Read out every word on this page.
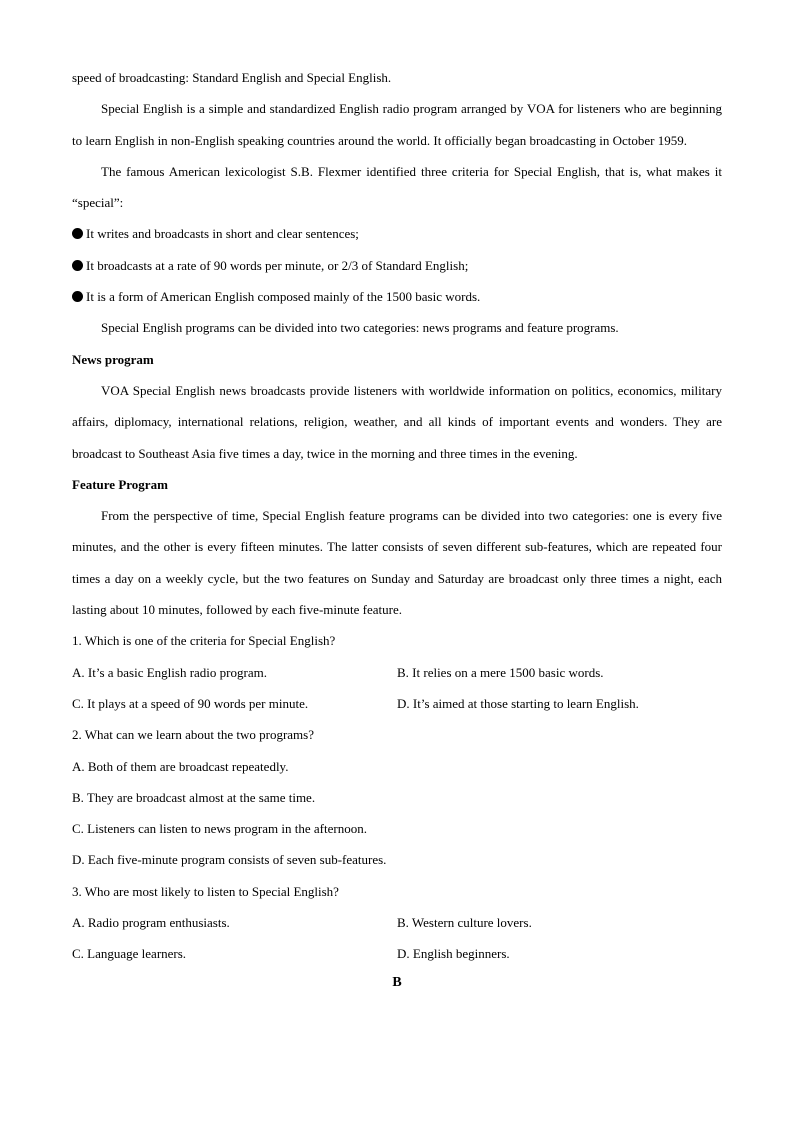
speed of broadcasting: Standard English and Special English.
Special English is a simple and standardized English radio program arranged by VOA for listeners who are beginning to learn English in non-English speaking countries around the world. It officially began broadcasting in October 1959.
The famous American lexicologist S.B. Flexmer identified three criteria for Special English, that is, what makes it “special”:
It writes and broadcasts in short and clear sentences;
It broadcasts at a rate of 90 words per minute, or 2/3 of Standard English;
It is a form of American English composed mainly of the 1500 basic words.
Special English programs can be divided into two categories: news programs and feature programs.
News program
VOA Special English news broadcasts provide listeners with worldwide information on politics, economics, military affairs, diplomacy, international relations, religion, weather, and all kinds of important events and wonders. They are broadcast to Southeast Asia five times a day, twice in the morning and three times in the evening.
Feature Program
From the perspective of time, Special English feature programs can be divided into two categories: one is every five minutes, and the other is every fifteen minutes. The latter consists of seven different sub-features, which are repeated four times a day on a weekly cycle, but the two features on Sunday and Saturday are broadcast only three times a night, each lasting about 10 minutes, followed by each five-minute feature.
1. Which is one of the criteria for Special English?
A. It’s a basic English radio program.	B. It relies on a mere 1500 basic words.
C. It plays at a speed of 90 words per minute.	D. It’s aimed at those starting to learn English.
2. What can we learn about the two programs?
A. Both of them are broadcast repeatedly.
B. They are broadcast almost at the same time.
C. Listeners can listen to news program in the afternoon.
D. Each five-minute program consists of seven sub-features.
3. Who are most likely to listen to Special English?
A. Radio program enthusiasts.	B. Western culture lovers.
C. Language learners.	D. English beginners.
B
